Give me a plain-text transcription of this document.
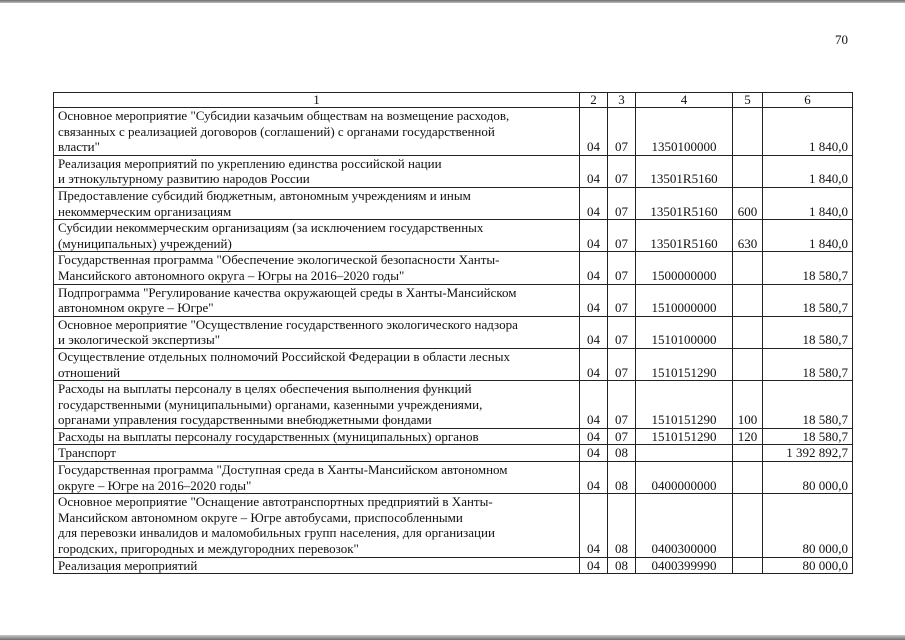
70
1	2	3	4	5	6
Основное мероприятие "Субсидии казачьим обществам на возмещение расходов,
связанных с реализацией договоров (соглашений) с органами государственной
власти"	04	07	1350100000		1 840,0
Реализация мероприятий по укреплению единства российской нации
и этнокультурному развитию народов России	04	07	13501R5160		1 840,0
Предоставление субсидий бюджетным, автономным учреждениям и иным
некоммерческим организациям	04	07	13501R5160	600	1 840,0
Субсидии некоммерческим организациям (за исключением государственных
(муниципальных) учреждений)	04	07	13501R5160	630	1 840,0
Государственная программа "Обеспечение экологической безопасности Ханты-
Мансийского автономного округа – Югры на 2016–2020 годы"	04	07	1500000000		18 580,7
Подпрограмма "Регулирование качества окружающей среды в Ханты-Мансийском
автономном округе – Югре"	04	07	1510000000		18 580,7
Основное мероприятие "Осуществление государственного экологического надзора
и экологической экспертизы"	04	07	1510100000		18 580,7
Осуществление отдельных полномочий Российской Федерации в области лесных
отношений	04	07	1510151290		18 580,7
Расходы на выплаты персоналу в целях обеспечения выполнения функций
государственными (муниципальными) органами, казенными учреждениями,
органами управления государственными внебюджетными фондами	04	07	1510151290	100	18 580,7
Расходы на выплаты персоналу государственных (муниципальных) органов	04	07	1510151290	120	18 580,7
Транспорт	04	08			1 392 892,7
Государственная программа "Доступная среда в Ханты-Мансийском автономном
округе – Югре на 2016–2020 годы"	04	08	0400000000		80 000,0
Основное мероприятие "Оснащение автотранспортных предприятий в Ханты-
Мансийском автономном округе – Югре автобусами, приспособленными
для перевозки инвалидов и маломобильных групп населения, для организации
городских, пригородных и междугородних перевозок"	04	08	0400300000		80 000,0
Реализация мероприятий	04	08	0400399990		80 000,0
